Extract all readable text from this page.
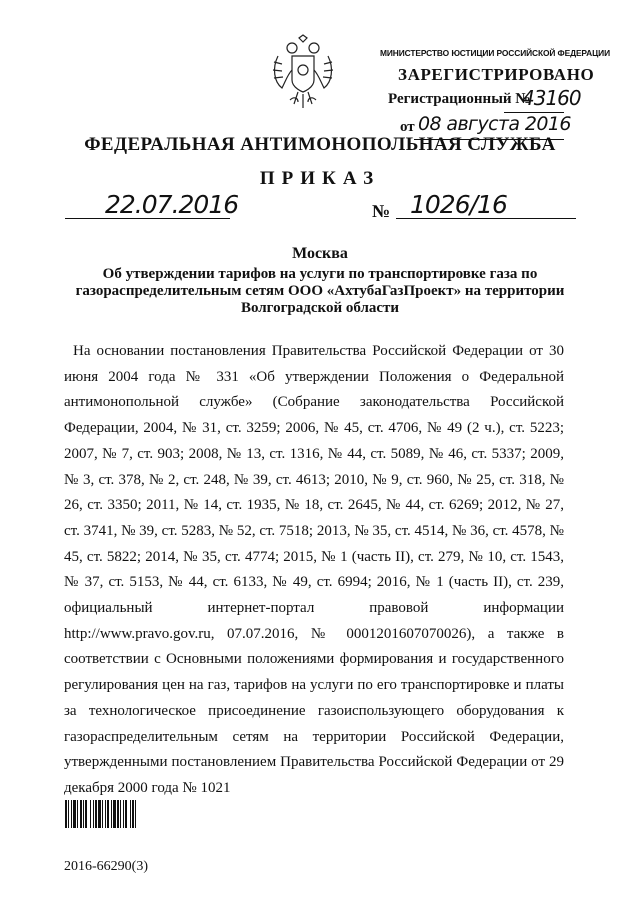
МИНИСТЕРСТВО ЮСТИЦИИ РОССИЙСКОЙ ФЕДЕРАЦИИ
ЗАРЕГИСТРИРОВАНО
Регистрационный №
43160
от 08 августа 2016
ФЕДЕРАЛЬНАЯ АНТИМОНОПОЛЬНАЯ СЛУЖБА
ПРИКАЗ
22.07.2016	№ 1026/16
Москва
Об утверждении тарифов на услуги по транспортировке газа по газораспределительным сетям ООО «АхтубаГазПроект» на территории Волгоградской области
На основании постановления Правительства Российской Федерации от 30 июня 2004 года № 331 «Об утверждении Положения о Федеральной антимонопольной службе» (Собрание законодательства Российской Федерации, 2004, № 31, ст. 3259; 2006, № 45, ст. 4706, № 49 (2 ч.), ст. 5223; 2007, № 7, ст. 903; 2008, № 13, ст. 1316, № 44, ст. 5089, № 46, ст. 5337; 2009, № 3, ст. 378, № 2, ст. 248, № 39, ст. 4613; 2010, № 9, ст. 960, № 25, ст. 318, № 26, ст. 3350; 2011, № 14, ст. 1935, № 18, ст. 2645, № 44, ст. 6269; 2012, № 27, ст. 3741, № 39, ст. 5283, № 52, ст. 7518; 2013, № 35, ст. 4514, № 36, ст. 4578, № 45, ст. 5822; 2014, № 35, ст. 4774; 2015, № 1 (часть II), ст. 279, № 10, ст. 1543, № 37, ст. 5153, № 44, ст. 6133, № 49, ст. 6994; 2016, № 1 (часть II), ст. 239, официальный интернет-портал правовой информации http://www.pravo.gov.ru, 07.07.2016, № 0001201607070026), а также в соответствии с Основными положениями формирования и государственного регулирования цен на газ, тарифов на услуги по его транспортировке и платы за технологическое присоединение газоиспользующего оборудования к газораспределительным сетям на территории Российской Федерации, утвержденными постановлением Правительства Российской Федерации от 29 декабря 2000 года № 1021
2016-66290(3)
